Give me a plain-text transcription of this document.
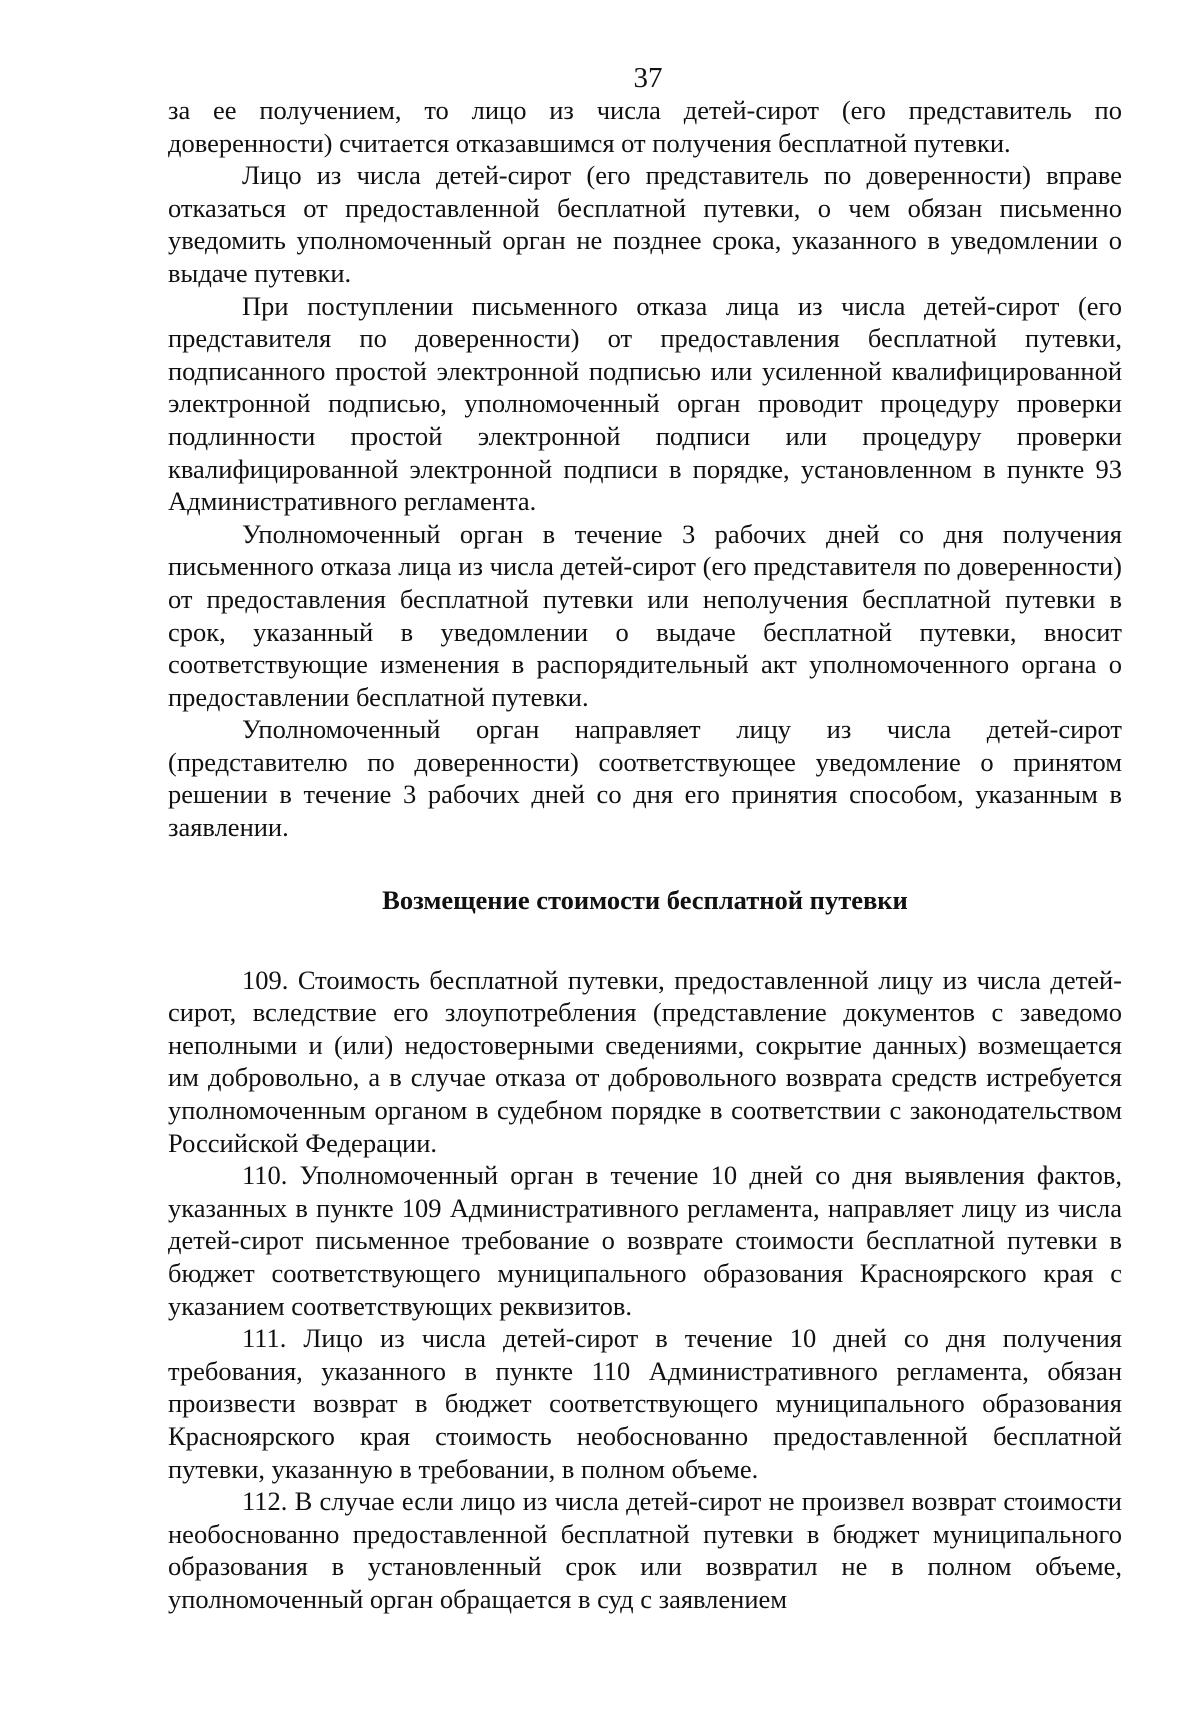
37

за ее получением, то лицо из числа детей-сирот (его представитель по доверенности) считается отказавшимся от получения бесплатной путевки.

Лицо из числа детей-сирот (его представитель по доверенности) вправе отказаться от предоставленной бесплатной путевки, о чем обязан письменно уведомить уполномоченный орган не позднее срока, указанного в уведомлении о выдаче путевки.

При поступлении письменного отказа лица из числа детей-сирот (его представителя по доверенности) от предоставления бесплатной путевки, подписанного простой электронной подписью или усиленной квалифицированной электронной подписью, уполномоченный орган проводит процедуру проверки подлинности простой электронной подписи или процедуру проверки квалифицированной электронной подписи в порядке, установленном в пункте 93 Административного регламента.

Уполномоченный орган в течение 3 рабочих дней со дня получения письменного отказа лица из числа детей-сирот (его представителя по доверенности) от предоставления бесплатной путевки или неполучения бесплатной путевки в срок, указанный в уведомлении о выдаче бесплатной путевки, вносит соответствующие изменения в распорядительный акт уполномоченного органа о предоставлении бесплатной путевки.

Уполномоченный орган направляет лицу из числа детей-сирот (представителю по доверенности) соответствующее уведомление о принятом решении в течение 3 рабочих дней со дня его принятия способом, указанным в заявлении.

Возмещение стоимости бесплатной путевки

109. Стоимость бесплатной путевки, предоставленной лицу из числа детей-сирот, вследствие его злоупотребления (представление документов с заведомо неполными и (или) недостоверными сведениями, сокрытие данных) возмещается им добровольно, а в случае отказа от добровольного возврата средств истребуется уполномоченным органом в судебном порядке в соответствии с законодательством Российской Федерации.

110. Уполномоченный орган в течение 10 дней со дня выявления фактов, указанных в пункте 109 Административного регламента, направляет лицу из числа детей-сирот письменное требование о возврате стоимости бесплатной путевки в бюджет соответствующего муниципального образования Красноярского края с указанием соответствующих реквизитов.

111. Лицо из числа детей-сирот в течение 10 дней со дня получения требования, указанного в пункте 110 Административного регламента, обязан произвести возврат в бюджет соответствующего муниципального образования Красноярского края стоимость необоснованно предоставленной бесплатной путевки, указанную в требовании, в полном объеме.

112. В случае если лицо из числа детей-сирот не произвел возврат стоимости необоснованно предоставленной бесплатной путевки в бюджет муниципального образования в установленный срок или возвратил не в полном объеме, уполномоченный орган обращается в суд с заявлением
